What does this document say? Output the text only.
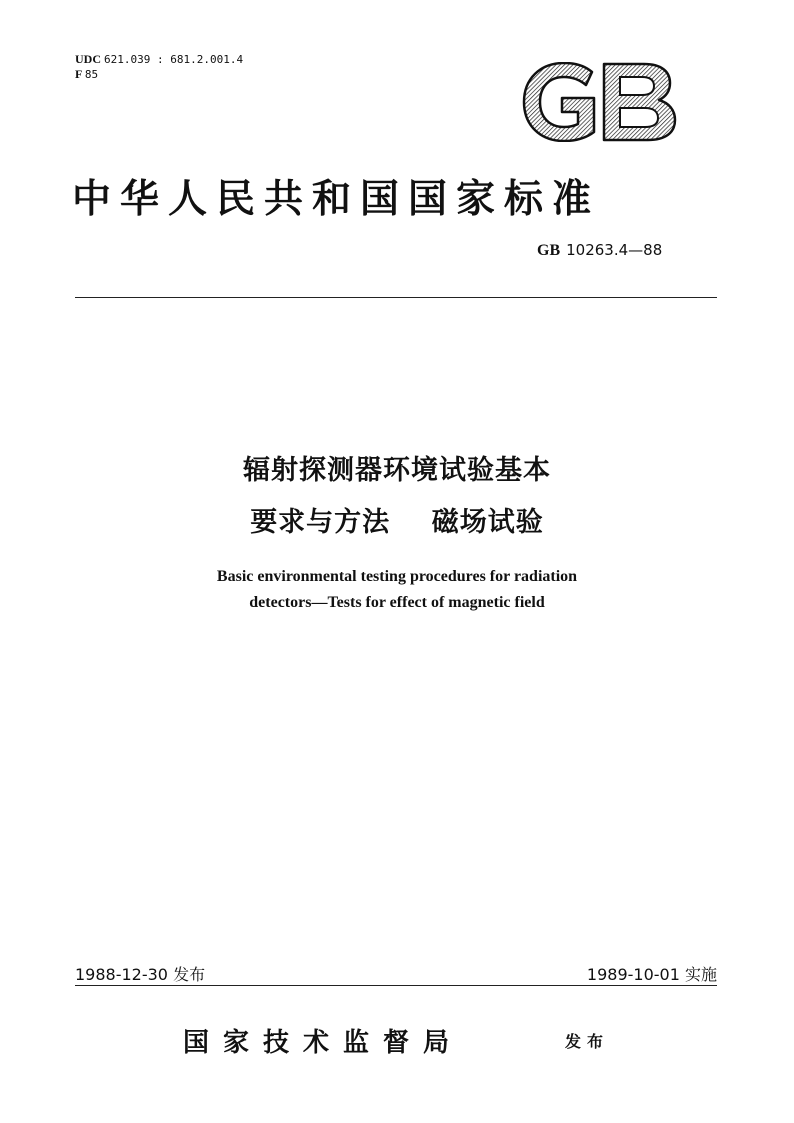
UDC 621.039 : 681.2.001.4
F 85
中华人民共和国国家标准
GB 10263.4—88
辐射探测器环境试验基本
要求与方法    磁场试验
Basic environmental testing procedures for radiation
detectors—Tests for effect of magnetic field
1988-12-30 发布	1989-10-01 实施
国家技术监督局	发布
